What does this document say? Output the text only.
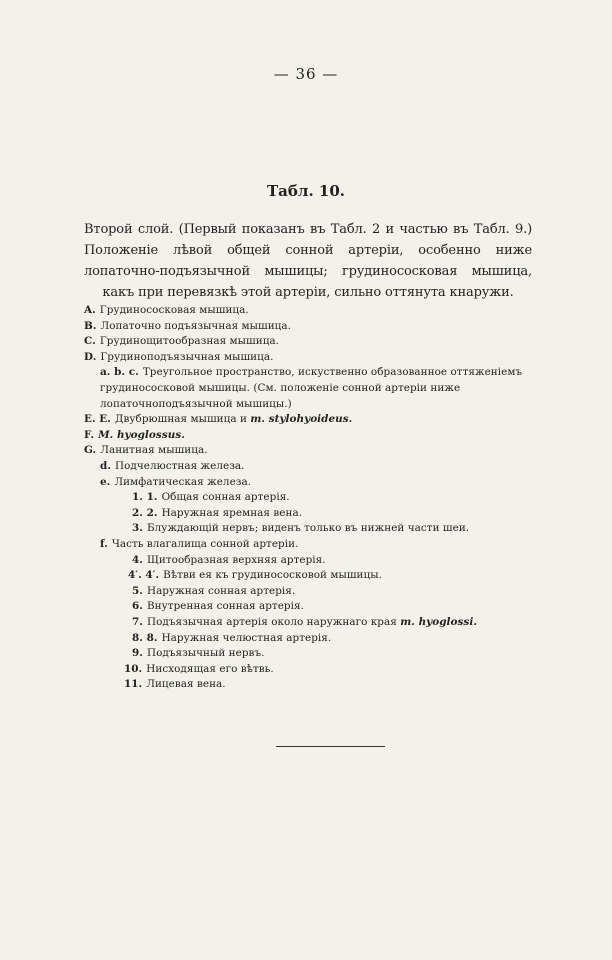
— 36 —
Табл. 10.
Второй слой. (Первый показанъ въ Табл. 2 и частью въ Табл. 9.) Положеніе лѣвой общей сонной артеріи, особенно ниже лопаточно-подъязычной мышицы; грудинососковая мышица, какъ при перевязкѣ этой артеріи, сильно оттянута кнаружи.
A. Грудинососковая мышица.
B. Лопаточно подъязычная мышица.
C. Грудинощитообразная мышица.
D. Грудиноподъязычная мышица.
a. b. c. Треугольное пространство, искуственно образованное оттяженіемъ грудинососковой мышицы. (См. положеніе сонной артеріи ниже лопаточноподъязычной мышицы.)
E. E. Двубрюшная мышица и m. stylohyoideus.
F. M. hyoglossus.
G. Ланитная мышица.
d. Подчелюстная железа.
e. Лимфатическая железа.
1. 1. Общая сонная артерія.
2. 2. Наружная яремная вена.
3. Блуждающій нервъ; виденъ только въ нижней части шеи.
f. Часть влагалища сонной артеріи.
4. Щитообразная верхняя артерія.
4′. 4′. Вѣтви ея къ грудинососковой мышицы.
5. Наружная сонная артерія.
6. Внутренная сонная артерія.
7. Подъязычная артерія около наружнаго края m. hyoglossi.
8. 8. Наружная челюстная артерія.
9. Подъязычный нервъ.
10. Нисходящая его вѣтвь.
11. Лицевая вена.
